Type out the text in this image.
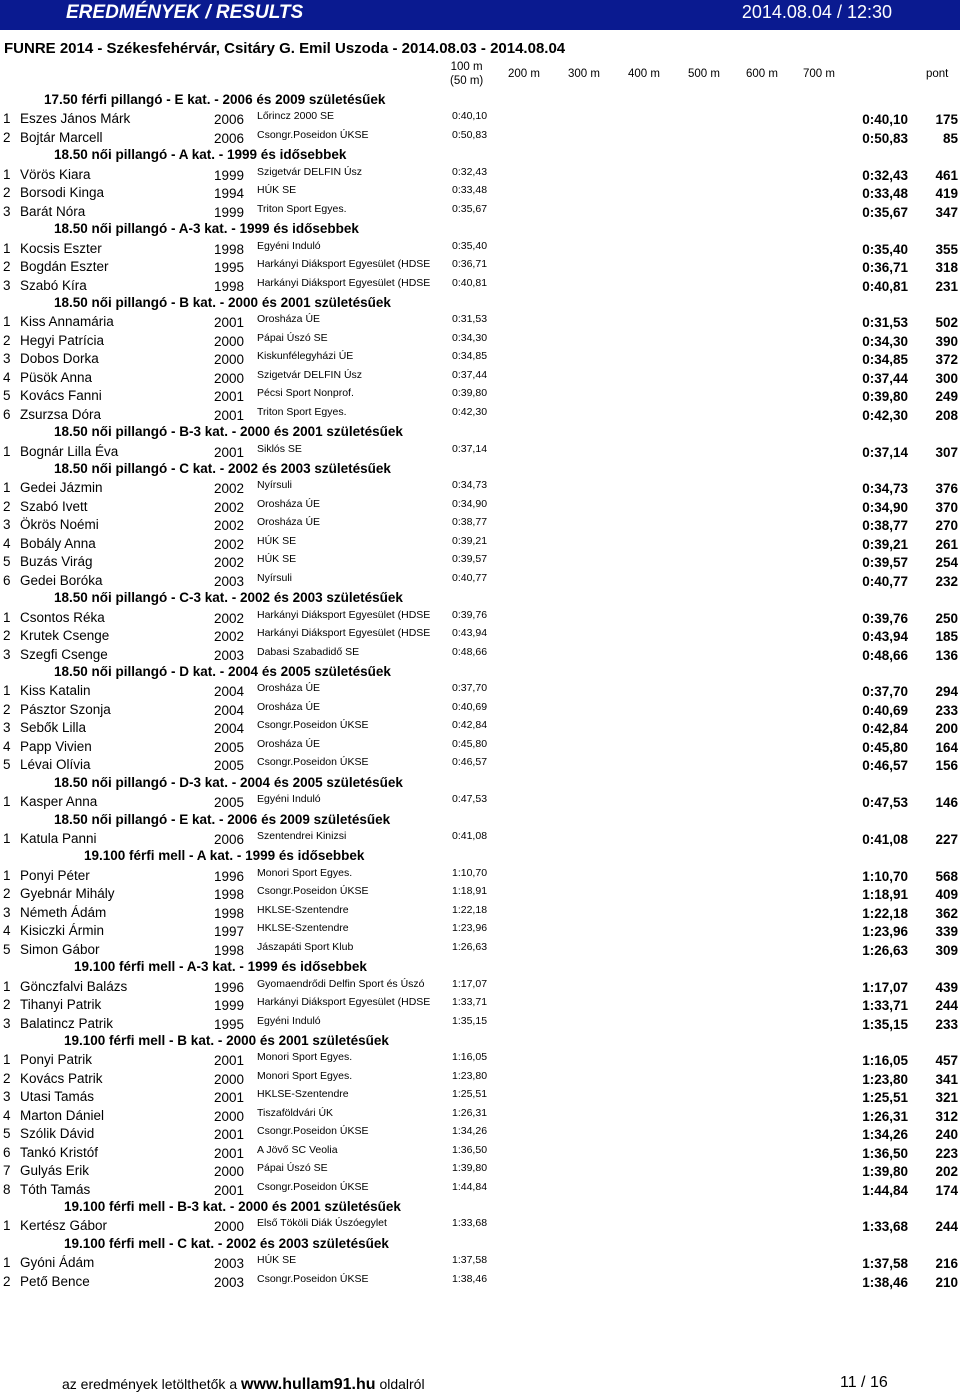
EREDMÉNYEK / RESULTS	2014.08.04 / 12:30
FUNRE 2014 - Székesfehérvár, Csitáry G. Emil Uszoda - 2014.08.03 - 2014.08.04
100 m
(50 m)
200 m 300 m 400 m 500 m 600 m 700 m	pont
17.50 férfi pillangó - E kat. - 2006 és 2009 születésűek
1 Eszes János Márk	2006 Lőrincz 2000 SE	0:40,10	0:40,10 175
2 Bojtár Marcell	2006 Csongr.Poseidon ÚKSE	0:50,83	0:50,83	85
18.50 női pillangó - A kat. - 1999 és idősebbek
1 Vörös Kiara	1999 Szigetvár DELFIN Úsz	0:32,43	0:32,43 461
2 Borsodi Kinga	1994 HÚK SE	0:33,48	0:33,48 419
3 Barát Nóra	1999 Triton Sport Egyes.	0:35,67	0:35,67 347
18.50 női pillangó - A-3 kat. - 1999 és idősebbek
1 Kocsis Eszter	1998 Egyéni Induló	0:35,40	0:35,40 355
2 Bogdán Eszter	1995 Harkányi Diáksport Egyesület (HDSE	0:36,71	0:36,71 318
3 Szabó Kíra	1998 Harkányi Diáksport Egyesület (HDSE	0:40,81	0:40,81 231
18.50 női pillangó - B kat. - 2000 és 2001 születésűek
1 Kiss Annamária	2001 Orosháza ÚE	0:31,53	0:31,53 502
2 Hegyi Patrícia	2000 Pápai Úszó SE	0:34,30	0:34,30 390
3 Dobos Dorka	2000 Kiskunfélegyházi ÚE	0:34,85	0:34,85 372
4 Püsök Anna	2000 Szigetvár DELFIN Úsz	0:37,44	0:37,44 300
5 Kovács Fanni	2001 Pécsi Sport Nonprof.	0:39,80	0:39,80 249
6 Zsurzsa Dóra	2001 Triton Sport Egyes.	0:42,30	0:42,30 208
18.50 női pillangó - B-3 kat. - 2000 és 2001 születésűek
1 Bognár Lilla Éva	2001 Siklós SE	0:37,14	0:37,14 307
18.50 női pillangó - C kat. - 2002 és 2003 születésűek
1 Gedei Jázmin	2002 Nyírsuli	0:34,73	0:34,73 376
2 Szabó Ivett	2002 Orosháza ÚE	0:34,90	0:34,90 370
3 Ökrös Noémi	2002 Orosháza ÚE	0:38,77	0:38,77 270
4 Bobály Anna	2002 HÚK SE	0:39,21	0:39,21 261
5 Buzás Virág	2002 HÚK SE	0:39,57	0:39,57 254
6 Gedei Boróka	2003 Nyírsuli	0:40,77	0:40,77 232
18.50 női pillangó - C-3 kat. - 2002 és 2003 születésűek
1 Csontos Réka	2002 Harkányi Diáksport Egyesület (HDSE	0:39,76	0:39,76 250
2 Krutek Csenge	2002 Harkányi Diáksport Egyesület (HDSE	0:43,94	0:43,94 185
3 Szegfi Csenge	2003 Dabasi Szabadidő SE	0:48,66	0:48,66 136
18.50 női pillangó - D kat. - 2004 és 2005 születésűek
1 Kiss Katalin	2004 Orosháza ÚE	0:37,70	0:37,70 294
2 Pásztor Szonja	2004 Orosháza ÚE	0:40,69	0:40,69 233
3 Sebők Lilla	2004 Csongr.Poseidon ÚKSE	0:42,84	0:42,84 200
4 Papp Vivien	2005 Orosháza ÚE	0:45,80	0:45,80 164
5 Lévai Olívia	2005 Csongr.Poseidon ÚKSE	0:46,57	0:46,57 156
18.50 női pillangó - D-3 kat. - 2004 és 2005 születésűek
1 Kasper Anna	2005 Egyéni Induló	0:47,53	0:47,53 146
18.50 női pillangó - E kat. - 2006 és 2009 születésűek
1 Katula Panni	2006 Szentendrei Kinizsi	0:41,08	0:41,08 227
19.100 férfi mell - A kat. - 1999 és idősebbek
1 Ponyi Péter	1996 Monori Sport Egyes.	1:10,70	1:10,70 568
2 Gyebnár Mihály	1998 Csongr.Poseidon ÚKSE	1:18,91	1:18,91 409
3 Németh Ádám	1998 HKLSE-Szentendre	1:22,18	1:22,18 362
4 Kisiczki Ármin	1997 HKLSE-Szentendre	1:23,96	1:23,96 339
5 Simon Gábor	1998 Jászapáti Sport Klub	1:26,63	1:26,63 309
19.100 férfi mell - A-3 kat. - 1999 és idősebbek
1 Gönczfalvi Balázs	1996 Gyomaendrődi Delfin Sport és Úszó	1:17,07	1:17,07 439
2 Tihanyi Patrik	1999 Harkányi Diáksport Egyesület (HDSE	1:33,71	1:33,71 244
3 Balatincz Patrik	1995 Egyéni Induló	1:35,15	1:35,15 233
19.100 férfi mell - B kat. - 2000 és 2001 születésűek
1 Ponyi Patrik	2001 Monori Sport Egyes.	1:16,05	1:16,05 457
2 Kovács Patrik	2000 Monori Sport Egyes.	1:23,80	1:23,80 341
3 Utasi Tamás	2001 HKLSE-Szentendre	1:25,51	1:25,51 321
4 Marton Dániel	2000 Tiszaföldvári ÚK	1:26,31	1:26,31 312
5 Szólik Dávid	2001 Csongr.Poseidon ÚKSE	1:34,26	1:34,26 240
6 Tankó Kristóf	2001 A Jövő SC Veolia	1:36,50	1:36,50 223
7 Gulyás Erik	2000 Pápai Úszó SE	1:39,80	1:39,80 202
8 Tóth Tamás	2001 Csongr.Poseidon ÚKSE	1:44,84	1:44,84 174
19.100 férfi mell - B-3 kat. - 2000 és 2001 születésűek
1 Kertész Gábor	2000 Első Tököli Diák Úszóegylet	1:33,68	1:33,68 244
19.100 férfi mell - C kat. - 2002 és 2003 születésűek
1 Gyóni Ádám	2003 HÚK SE	1:37,58	1:37,58 216
2 Pető Bence	2003 Csongr.Poseidon ÚKSE	1:38,46	1:38,46 210
az eredmények letölthetők a www.hullam91.hu oldalról	11 / 16
